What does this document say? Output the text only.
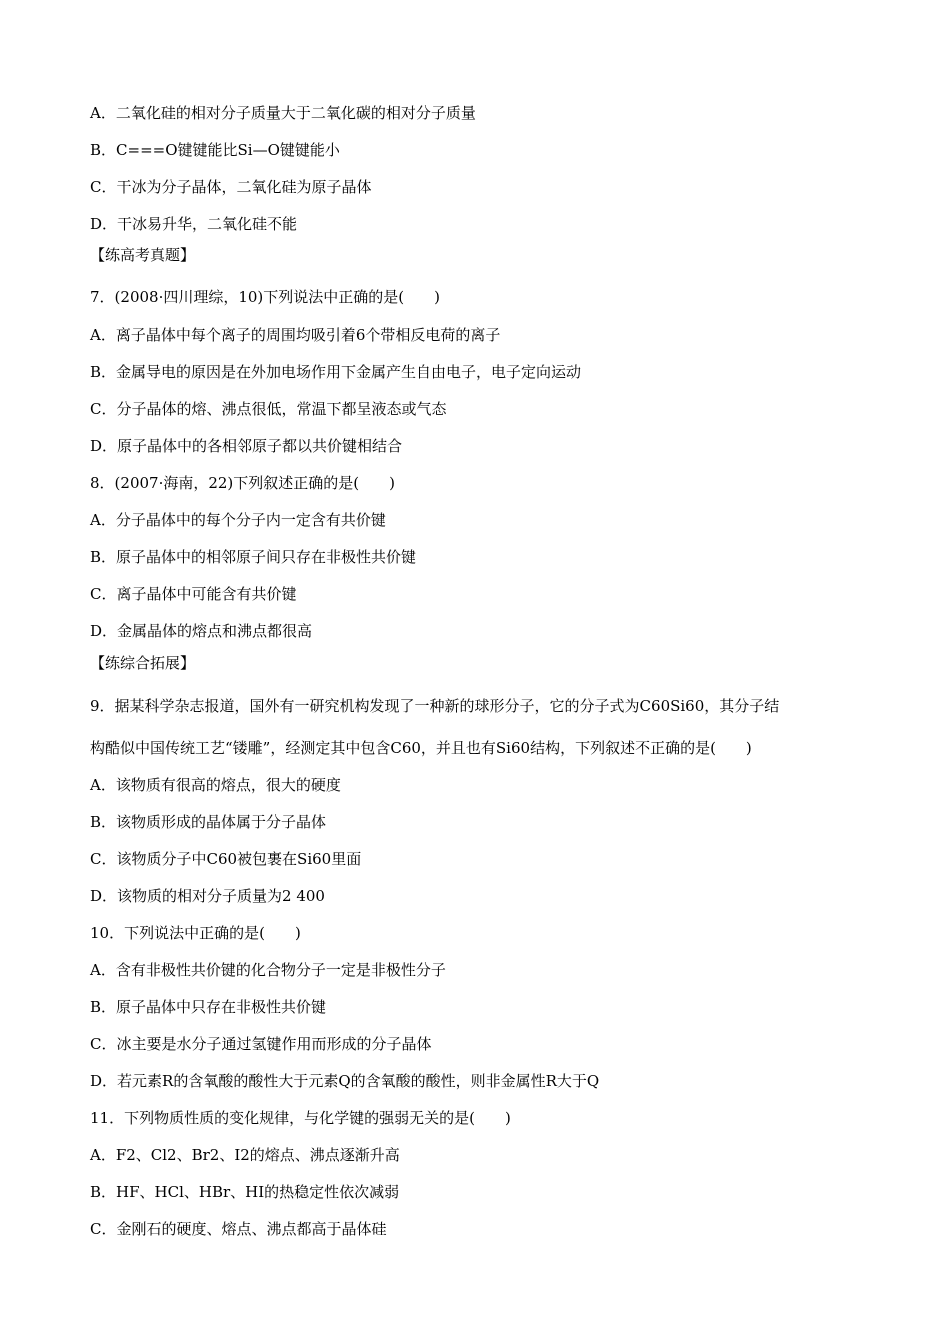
A．二氧化硅的相对分子质量大于二氧化碳的相对分子质量
B．C===O键键能比Si—O键键能小
C．干冰为分子晶体，二氧化硅为原子晶体
D．干冰易升华，二氧化硅不能
【练高考真题】
7．(2008·四川理综，10)下列说法中正确的是(　　)
A．离子晶体中每个离子的周围均吸引着6个带相反电荷的离子
B．金属导电的原因是在外加电场作用下金属产生自由电子，电子定向运动
C．分子晶体的熔、沸点很低，常温下都呈液态或气态
D．原子晶体中的各相邻原子都以共价键相结合
8．(2007·海南，22)下列叙述正确的是(　　)
A．分子晶体中的每个分子内一定含有共价键
B．原子晶体中的相邻原子间只存在非极性共价键
C．离子晶体中可能含有共价键
D．金属晶体的熔点和沸点都很高
【练综合拓展】
9．据某科学杂志报道，国外有一研究机构发现了一种新的球形分子，它的分子式为C60Si60，其分子结
构酷似中国传统工艺“镂雕”，经测定其中包含C60，并且也有Si60结构，下列叙述不正确的是(　　)
A．该物质有很高的熔点，很大的硬度
B．该物质形成的晶体属于分子晶体
C．该物质分子中C60被包裹在Si60里面
D．该物质的相对分子质量为2 400
10．下列说法中正确的是(　　)
A．含有非极性共价键的化合物分子一定是非极性分子
B．原子晶体中只存在非极性共价键
C．冰主要是水分子通过氢键作用而形成的分子晶体
D．若元素R的含氧酸的酸性大于元素Q的含氧酸的酸性，则非金属性R大于Q
11．下列物质性质的变化规律，与化学键的强弱无关的是(　　)
A．F2、Cl2、Br2、I2的熔点、沸点逐渐升高
B．HF、HCl、HBr、HI的热稳定性依次减弱
C．金刚石的硬度、熔点、沸点都高于晶体硅
